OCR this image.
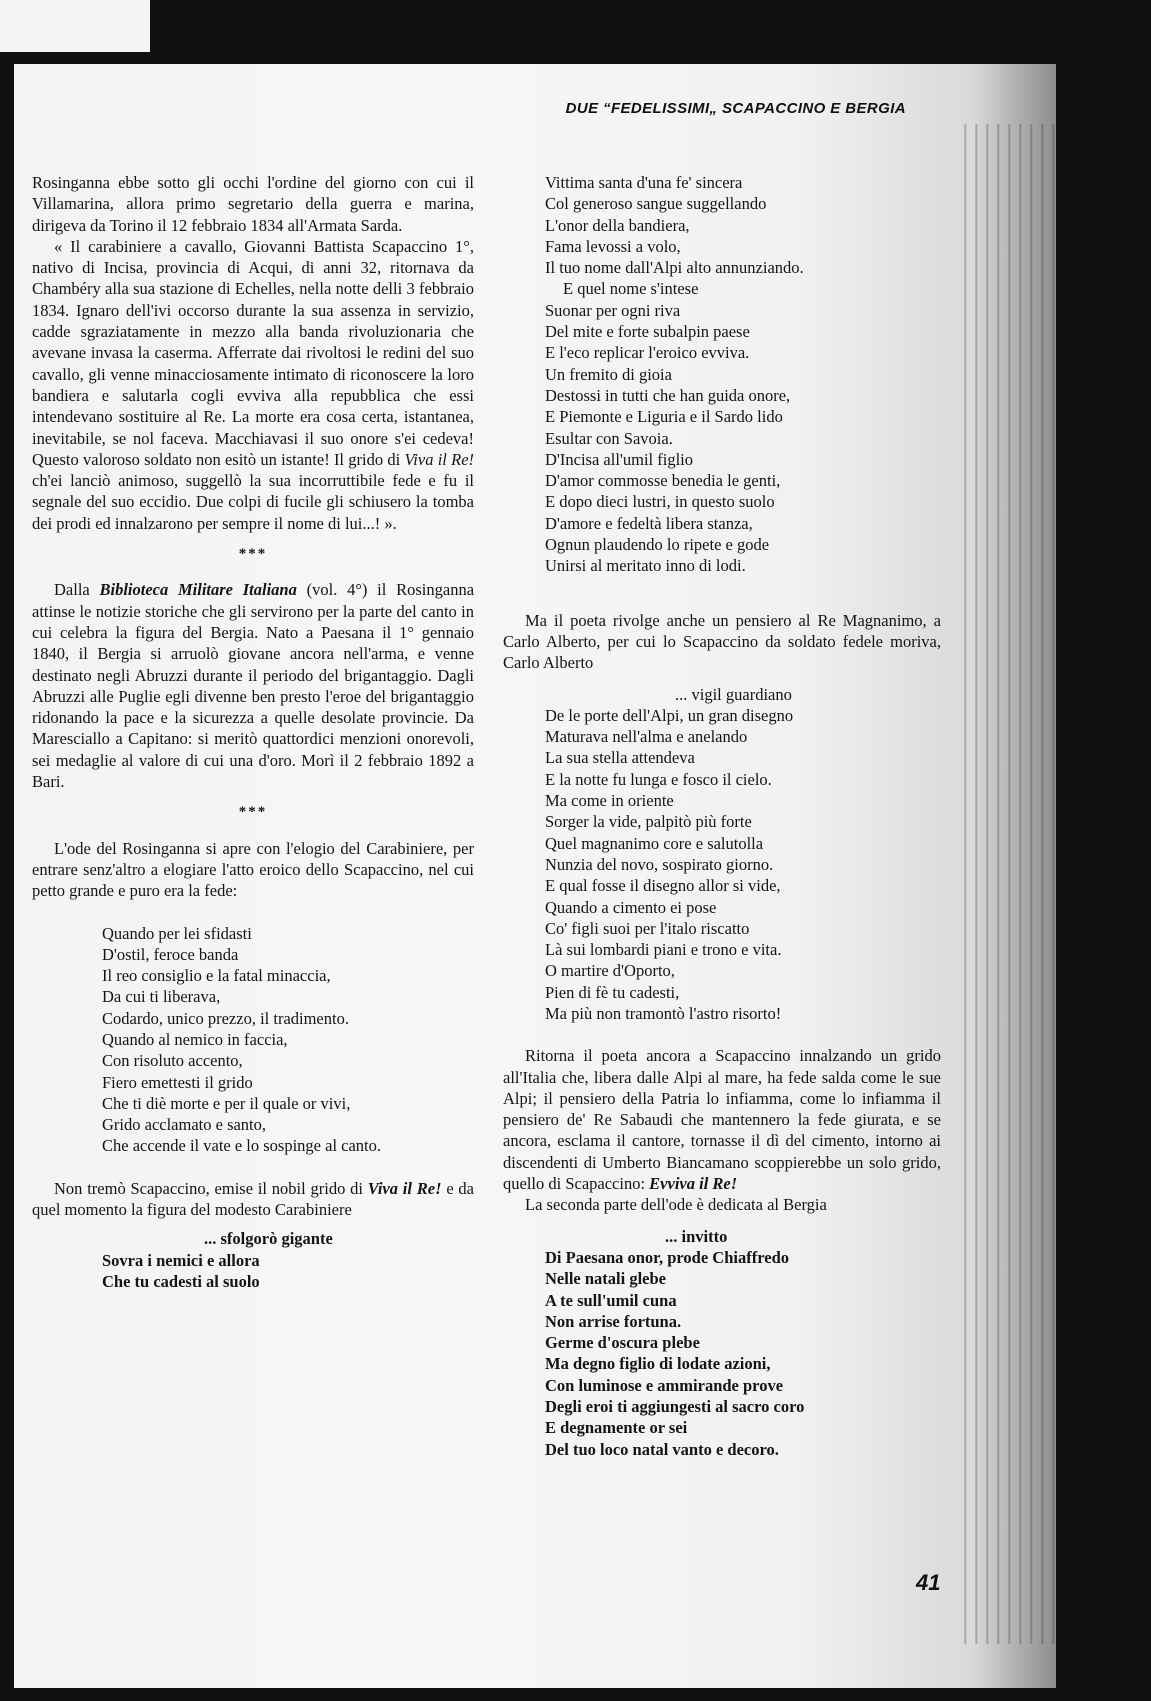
DUE “FEDELISSIMI„ SCAPACCINO E BERGIA

Rosinganna ebbe sotto gli occhi l'ordine del giorno con cui il Villamarina, allora primo segretario della guerra e marina, dirigeva da Torino il 12 febbraio 1834 all'Armata Sarda.

« Il carabiniere a cavallo, Giovanni Battista Scapaccino 1°, nativo di Incisa, provincia di Acqui, di anni 32, ritornava da Chambéry alla sua stazione di Echelles, nella notte delli 3 febbraio 1834. Ignaro dell'ivi occorso durante la sua assenza in servizio, cadde sgraziatamente in mezzo alla banda rivoluzionaria che avevane invasa la caserma. Afferrate dai rivoltosi le redini del suo cavallo, gli venne minacciosamente intimato di riconoscere la loro bandiera e salutarla cogli evviva alla repubblica che essi intendevano sostituire al Re. La morte era cosa certa, istantanea, inevitabile, se nol faceva. Macchiavasi il suo onore s'ei cedeva! Questo valoroso soldato non esitò un istante! Il grido di Viva il Re! ch'ei lanciò animoso, suggellò la sua incorruttibile fede e fu il segnale del suo eccidio. Due colpi di fucile gli schiusero la tomba dei prodi ed innalzarono per sempre il nome di lui...! ».

***

Dalla Biblioteca Militare Italiana (vol. 4°) il Rosinganna attinse le notizie storiche che gli servirono per la parte del canto in cui celebra la figura del Bergia. Nato a Paesana il 1° gennaio 1840, il Bergia si arruolò giovane ancora nell'arma, e venne destinato negli Abruzzi durante il periodo del brigantaggio. Dagli Abruzzi alle Puglie egli divenne ben presto l'eroe del brigantaggio ridonando la pace e la sicurezza a quelle desolate provincie. Da Maresciallo a Capitano: si meritò quattordici menzioni onorevoli, sei medaglie al valore di cui una d'oro. Morì il 2 febbraio 1892 a Bari.

***

L'ode del Rosinganna si apre con l'elogio del Carabiniere, per entrare senz'altro a elogiare l'atto eroico dello Scapaccino, nel cui petto grande e puro era la fede:

Quando per lei sfidasti
D'ostil, feroce banda
Il reo consiglio e la fatal minaccia,
Da cui ti liberava,
Codardo, unico prezzo, il tradimento.
Quando al nemico in faccia,
Con risoluto accento,
Fiero emettesti il grido
Che ti diè morte e per il quale or vivi,
Grido acclamato e santo,
Che accende il vate e lo sospinge al canto.

Non tremò Scapaccino, emise il nobil grido di Viva il Re! e da quel momento la figura del modesto Carabiniere

... sfolgorò gigante
Sovra i nemici e allora
Che tu cadesti al suolo
Vittima santa d'una fe' sincera
Col generoso sangue suggellando
L'onor della bandiera,
Fama levossi a volo,
Il tuo nome dall'Alpi alto annunziando.
E quel nome s'intese
Suonar per ogni riva
Del mite e forte subalpin paese
E l'eco replicar l'eroico evviva.
Un fremito di gioia
Destossi in tutti che han guida onore,
E Piemonte e Liguria e il Sardo lido
Esultar con Savoia.
D'Incisa all'umil figlio
D'amor commosse benedia le genti,
E dopo dieci lustri, in questo suolo
D'amore e fedeltà libera stanza,
Ognun plaudendo lo ripete e gode
Unirsi al meritato inno di lodi.

Ma il poeta rivolge anche un pensiero al Re Magnanimo, a Carlo Alberto, per cui lo Scapaccino da soldato fedele moriva, Carlo Alberto

... vigil guardiano
De le porte dell'Alpi, un gran disegno
Maturava nell'alma e anelando
La sua stella attendeva
E la notte fu lunga e fosco il cielo.
Ma come in oriente
Sorger la vide, palpitò più forte
Quel magnanimo core e salutolla
Nunzia del novo, sospirato giorno.
E qual fosse il disegno allor si vide,
Quando a cimento ei pose
Co' figli suoi per l'italo riscatto
Là sui lombardi piani e trono e vita.
O martire d'Oporto,
Pien di fè tu cadesti,
Ma più non tramontò l'astro risorto!

Ritorna il poeta ancora a Scapaccino innalzando un grido all'Italia che, libera dalle Alpi al mare, ha fede salda come le sue Alpi; il pensiero della Patria lo infiamma, come lo infiamma il pensiero de' Re Sabaudi che mantennero la fede giurata, e se ancora, esclama il cantore, tornasse il dì del cimento, intorno ai discendenti di Umberto Biancamano scoppierebbe un solo grido, quello di Scapaccino: Evviva il Re!

La seconda parte dell'ode è dedicata al Bergia

... invitto
Di Paesana onor, prode Chiaffredo
Nelle natali glebe
A te sull'umil cuna
Non arrise fortuna.
Germe d'oscura plebe
Ma degno figlio di lodate azioni,
Con luminose e ammirande prove
Degli eroi ti aggiungesti al sacro coro
E degnamente or sei
Del tuo loco natal vanto e decoro.
41
